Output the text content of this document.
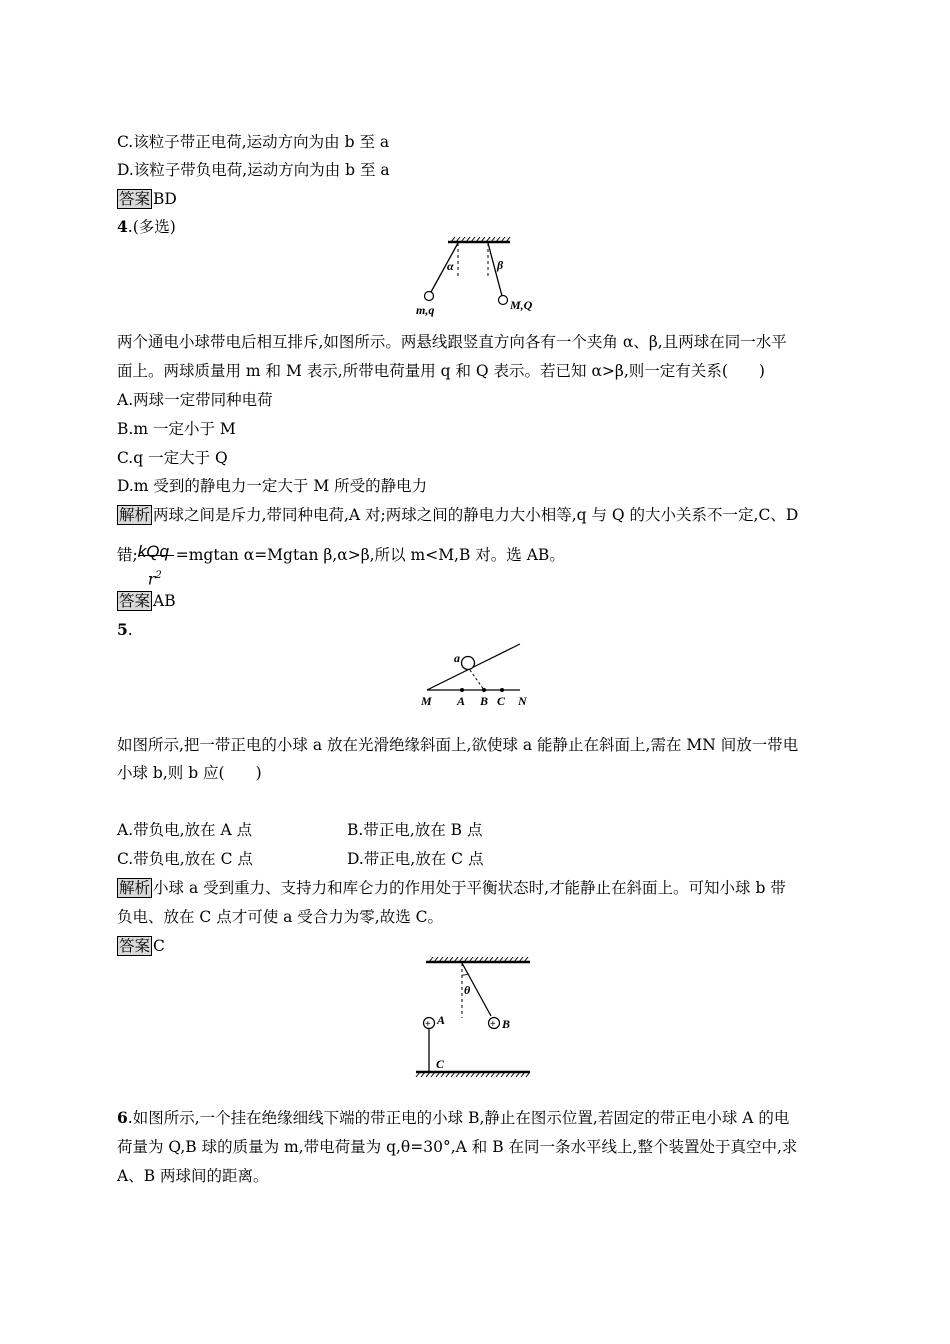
C.该粒子带正电荷,运动方向为由 b 至 a
D.该粒子带负电荷,运动方向为由 b 至 a
答案 BD
4.(多选)
α	β
m,q	M,Q
两个通电小球带电后相互排斥,如图所示。两悬线跟竖直方向各有一个夹角 α、β,且两球在同一水平
面上。两球质量用 m 和 M 表示,所带电荷量用 q 和 Q 表示。若已知 α>β,则一定有关系(　　)
A.两球一定带同种电荷
B.m 一定小于 M
C.q 一定大于 Q
D.m 受到的静电力一定大于 M 所受的静电力
解析 两球之间是斥力,带同种电荷,A 对;两球之间的静电力大小相等,q 与 Q 的大小关系不一定,C、D
错; kQq
$r^2$
=mgtan α=Mgtan β,α>β,所以 m<M,B 对。选 AB。
答案 AB
5.
a
M A B C N
如图所示,把一带正电的小球 a 放在光滑绝缘斜面上,欲使球 a 能静止在斜面上,需在 MN 间放一带电
小球 b,则 b 应(　　)
A.带负电,放在 A 点	B.带正电,放在 B 点
C.带负电,放在 C 点	D.带正电,放在 C 点
解析 小球 a 受到重力、支持力和库仑力的作用处于平衡状态时,才能静止在斜面上。可知小球 b 带
负电、放在 C 点才可使 a 受合力为零,故选 C。
答案 C
θ
+ B
+ A
C
6.如图所示,一个挂在绝缘细线下端的带正电的小球 B,静止在图示位置,若固定的带正电小球 A 的电
荷量为 Q,B 球的质量为 m,带电荷量为 q,θ=30°,A 和 B 在同一条水平线上,整个装置处于真空中,求
A、B 两球间的距离。
